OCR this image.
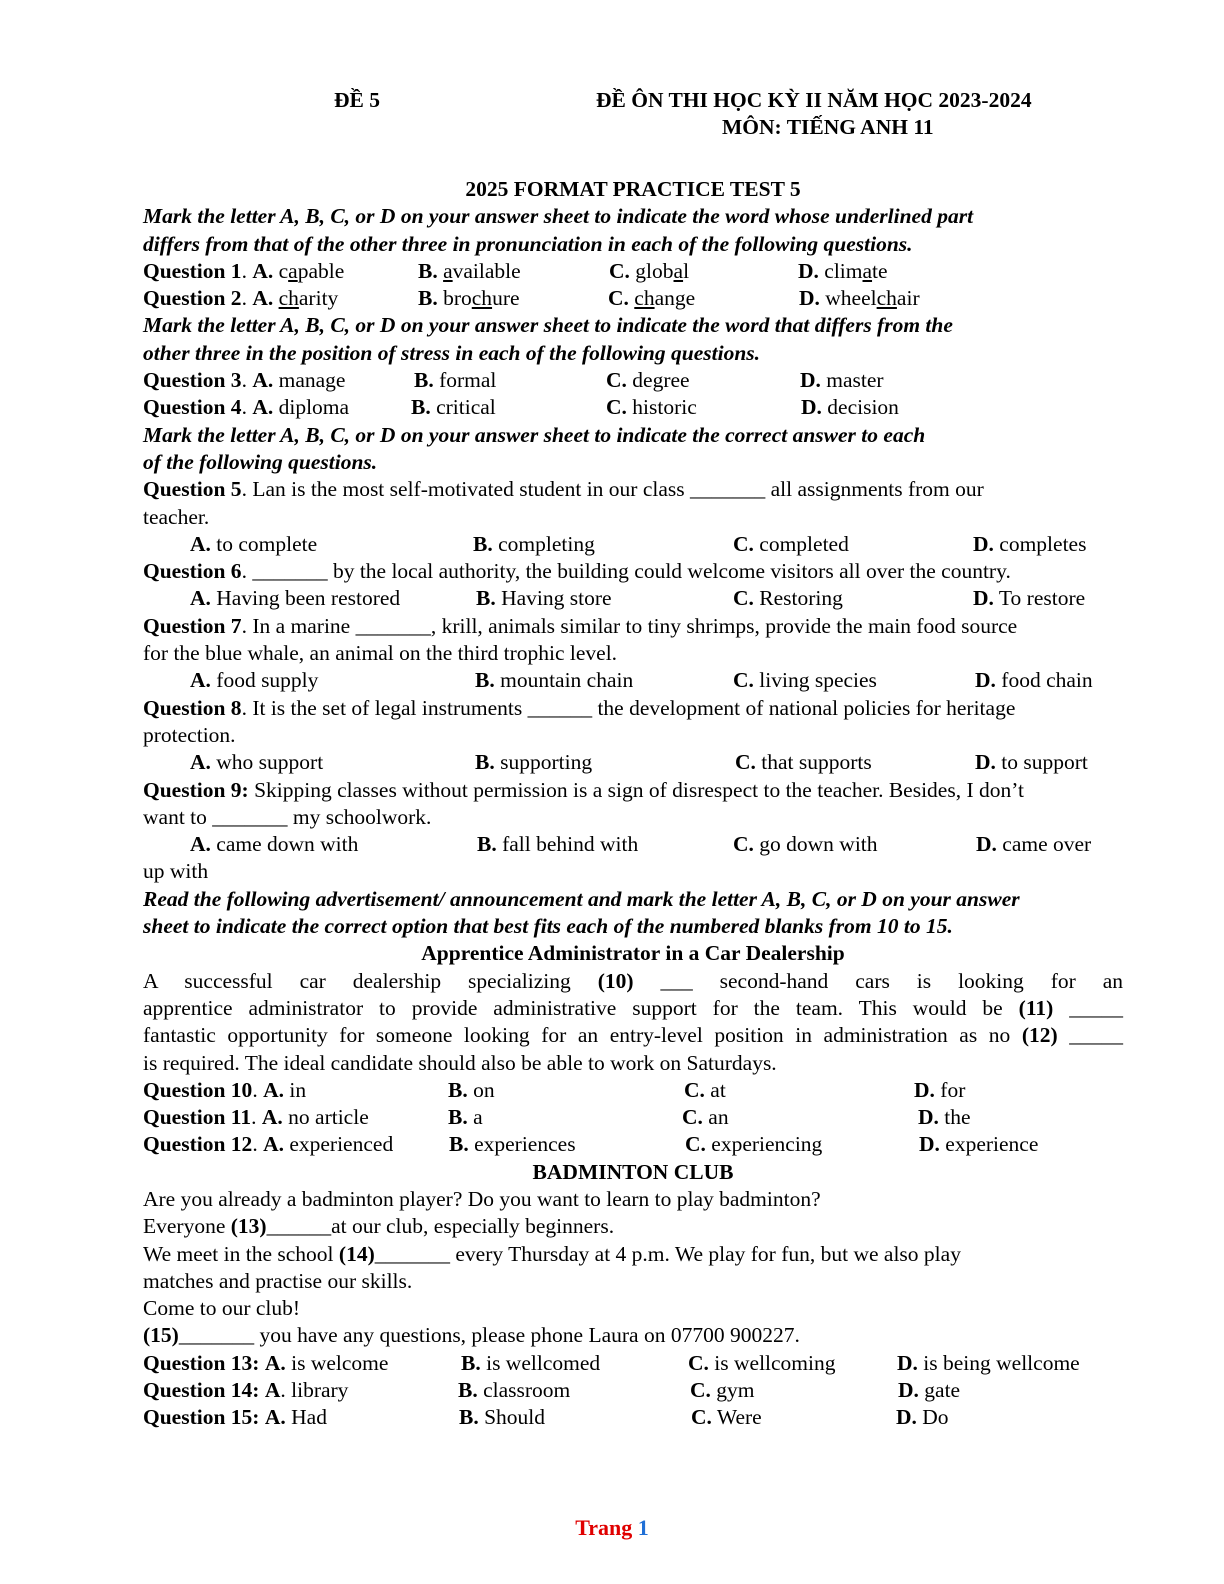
ĐỀ 5	ĐỀ ÔN THI HỌC KỲ II NĂM HỌC 2023-2024
MÔN: TIẾNG ANH 11
2025 FORMAT PRACTICE TEST 5
Mark the letter A, B, C, or D on your answer sheet to indicate the word whose underlined part
differs from that of the other three in pronunciation in each of the following questions.
Question 1. A. capable	B. available	C. global	D. climate
Question 2. A. charity	B. brochure	C. change	D. wheelchair
Mark the letter A, B, C, or D on your answer sheet to indicate the word that differs from the
other three in the position of stress in each of the following questions.
Question 3. A. manage	B. formal	C. degree	D. master
Question 4. A. diploma	B. critical	C. historic	D. decision
Mark the letter A, B, C, or D on your answer sheet to indicate the correct answer to each
of the following questions.
Question 5. Lan is the most self-motivated student in our class _______ all assignments from our
teacher.
A. to complete	B. completing	C. completed	D. completes
Question 6. _______ by the local authority, the building could welcome visitors all over the country.
A. Having been restored	B. Having store	C. Restoring	D. To restore
Question 7. In a marine _______, krill, animals similar to tiny shrimps, provide the main food source
for the blue whale, an animal on the third trophic level.
A. food supply	B. mountain chain	C. living species	D. food chain
Question 8. It is the set of legal instruments ______ the development of national policies for heritage
protection.
A. who support	B. supporting	C. that supports	D. to support
Question 9: Skipping classes without permission is a sign of disrespect to the teacher. Besides, I don’t
want to _______ my schoolwork.
A. came down with	B. fall behind with	C. go down with	D. came over
up with
Read the following advertisement/ announcement and mark the letter A, B, C, or D on your answer
sheet to indicate the correct option that best fits each of the numbered blanks from 10 to 15.
Apprentice Administrator in a Car Dealership
A successful car dealership specializing (10) ___ second-hand cars is looking for an
apprentice administrator to provide administrative support for the team. This would be (11) _____
fantastic opportunity for someone looking for an entry-level position in administration as no (12) _____
is required. The ideal candidate should also be able to work on Saturdays.
Question 10. A. in	B. on	C. at	D. for
Question 11. A. no article	B. a	C. an	D. the
Question 12. A. experienced	B. experiences	C. experiencing	D. experience
BADMINTON CLUB
Are you already a badminton player? Do you want to learn to play badminton?
Everyone (13)______at our club, especially beginners.
We meet in the school (14)_______ every Thursday at 4 p.m. We play for fun, but we also play
matches and practise our skills.
Come to our club!
(15)_______ you have any questions, please phone Laura on 07700 900227.
Question 13: A. is welcome	B. is wellcomed	C. is wellcoming	D. is being wellcome
Question 14: A. library	B. classroom	C. gym	D. gate
Question 15: A. Had	B. Should	C. Were	D. Do
Trang 1
